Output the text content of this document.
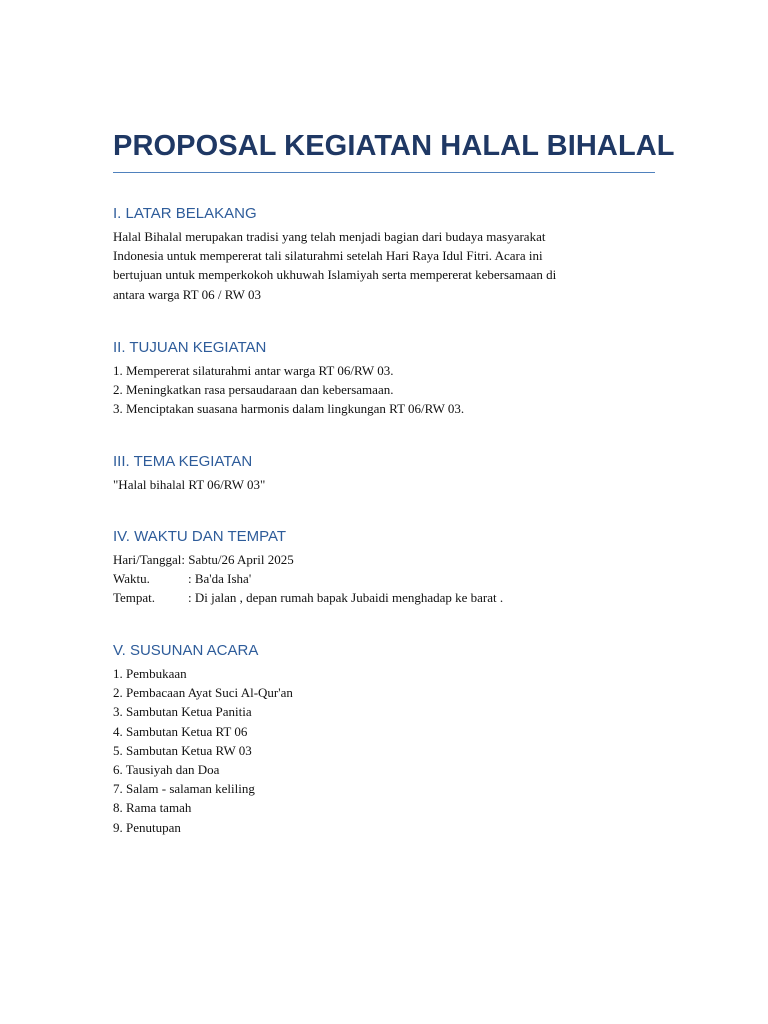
PROPOSAL KEGIATAN HALAL BIHALAL
I. LATAR BELAKANG
Halal Bihalal merupakan tradisi yang telah menjadi bagian dari budaya masyarakat
Indonesia untuk mempererat tali silaturahmi setelah Hari Raya Idul Fitri. Acara ini
bertujuan untuk memperkokoh ukhuwah Islamiyah serta mempererat kebersamaan di
antara warga RT 06 / RW 03
II. TUJUAN KEGIATAN
1. Mempererat silaturahmi antar warga RT 06/RW 03.
2. Meningkatkan rasa persaudaraan dan kebersamaan.
3. Menciptakan suasana harmonis dalam lingkungan RT 06/RW 03.
III. TEMA KEGIATAN
"Halal bihalal RT 06/RW 03"
IV. WAKTU DAN TEMPAT
Hari/Tanggal: Sabtu/26 April 2025
Waktu.	: Ba'da Isha'
Tempat.	: Di jalan , depan rumah bapak Jubaidi menghadap ke barat .
V. SUSUNAN ACARA
1. Pembukaan
2. Pembacaan Ayat Suci Al-Qur'an
3. Sambutan Ketua Panitia
4. Sambutan Ketua RT 06
5. Sambutan Ketua RW 03
6. Tausiyah dan Doa
7. Salam - salaman keliling
8. Rama tamah
9. Penutupan
